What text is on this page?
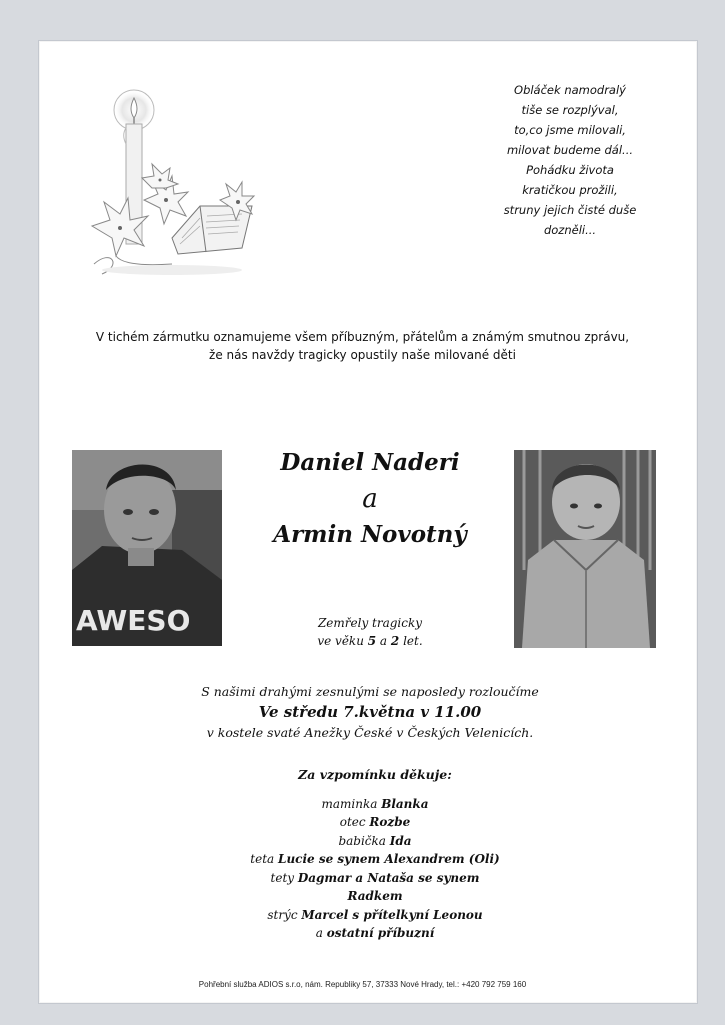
Obláček namodralý
tiše se rozplýval,
to,co jsme milovali,
milovat budeme dál...
Pohádku života
kratičkou prožili,
struny jejich čisté duše
dozněli...
V tichém zármutku oznamujeme všem příbuzným, přátelům a známým smutnou zprávu,
že nás navždy tragicky opustily naše milované děti
AWESO
Daniel Naderi
a
Armin Novotný
Zemřely tragicky
ve věku 5 a 2 let.
S našimi drahými zesnulými se naposledy rozloučíme
Ve středu 7.května v 11.00
v kostele svaté Anežky České v Českých Velenicích.
Za vzpomínku děkuje:
maminka Blanka
otec Rozbe
babička Ida
teta Lucie se synem Alexandrem (Oli)
tety Dagmar a Nataša se synem
Radkem
strýc Marcel s přítelkyní Leonou
a ostatní příbuzní
Pohřební služba ADIOS s.r.o, nám. Republiky 57, 37333 Nové Hrady, tel.: +420 792 759 160
